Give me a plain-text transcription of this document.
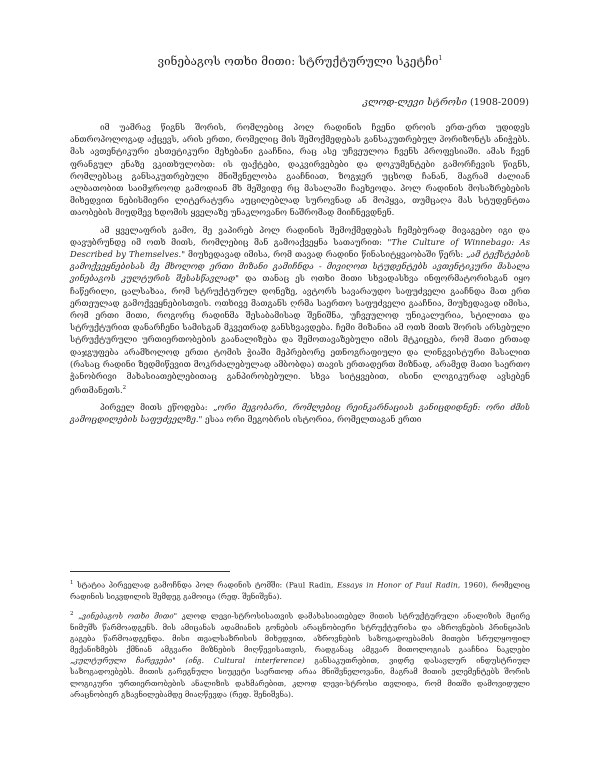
ვინებაგოს ოთხი მითი: სტრუქტურული სკეტჩი$^1$
კლოდ-ლევი სტროსი (1908-2009)

იმ უამრავ წიგნს შორის, რომლებიც პოლ რადინის ჩვენი დროის ერთ-ერთ უდიდეს ანთროპოლოგად აქცევს, არის ერთი, რომელიც მის შემოქმედებას განსაკუთრებულ ჰორიზონტს ანიჭებს. მას ავთენტიკური ესთეტიკური მეხებანი გააჩნია, რაც ასე უჩვეულოა ჩვენს პროფესიაში. ამას ჩვენ ფრანგულ ენაზე ვკითხულობთ: ის ფაქტები, დაკვირვებები და დოკუმენტები გამორჩევის წიგნს, რომლებსაც განსაკუთრებული მნიშვნელობა გააჩნიათ, ზოგჯერ უცხოდ ჩანან, მაგრამ ძალიან ალბათობით საიმჯროოდ გამოდიან მხ მეშვიდე რც მასალაში ჩაეხეოდა. პოლ რადინის მოსაზრებების მიხედვით ნებისმიერი ლიტერატურა აუცილებლად სუროვნად ან მოჰყვა, თუმცაღა მას სტუდენტთა თაობების მიუდმევ ხდომის ყველაზე უნაკლოვანო ნაშრომად მიიჩნევდნენ.

ამ ყველაფრის გამო, მე ვაპირებ პოლ რადინის შემოქმედებას ჩემებურად მივაგებო იგი და დავუბრუნდე იმ ოთხ მითს, რომლებიც მან გამოაქვეყნა სათაურით: "The Culture of Winnebago: As Described by Themselves." მიუხედავად იმისა, რომ თავად რადინი წინასიტყვაობაში წერს: „ამ ტექსტების გამოქვეყნებისას მე მხოლოდ ერთი მიზანი გამიჩნდა - მივიღოთ სტუდენტებს ავთენტიკური მასალა ვინებაგოს კულტურის შესასწავლად" და თანაც ეს ოთხი მითი სხვადასხვა ინფორმატორისგან იყო ჩაწერილი, ცალსახაა, რომ სტრუქტურულ დონეზე, ავტორს სავარაუდო საფუძველი გააჩნდა მათ ერთ ერთეულად გამოქვეყნებისთვის. ოთხივე მათგანს ღრმა საერთო საფუძველი გააჩნია, მიუხედავად იმისა, რომ ერთი მითი, როგორც რადინმა შესაბამისად შენიშნა, უჩვეულოდ უნიკალურია, სტილითა და სტრუქტურით დანარჩენი სამისგან მკვეთრად განსხვავდება. ჩემი მიზანია ამ ოთხ მითს შორის არსებული სტრუქტურული ურთიერთობების გაანალიზება და შემოთავაზებული იმის მტკიცება, რომ მათი ერთად დაჯგუფება არამხოლოდ ერთი ტომის ჭიაში მეპრებორე ეთნოგრაფიული და ლინგვისტური მასალით (რასაც რადინი ზედმიწევით მოკრძალებულად ამბობდა) თავის ერთადერთ მიზნად, არამედ მათი საერთო ჭანობრივი მახასიათებლებითაც განპირობებული. სხვა სიტყვებით, ისინი ლოგიკურად ავსებენ ერთმანეთს.$^2$

პირველ მითს ეწოდება: „ორი მეგობარი, რომლებიც რეინკარნაციას განიცდიდნენ: ორი ძმის გამოცდილების საფუძველზე." ესაა ორი მეგობრის ისტორია, რომელთაგან ერთი

$^1$ სტატია პირველად გამოჩნდა პოლ რადინის ტომში: (Paul Radin, Essays in Honor of Paul Radin, 1960), რომელიც რადინის სიკვდილის შემდეგ გამოიცა (რედ. შენიშვნა).

$^2$ „ვინებაგოს ოთხი მითი" კლოდ ლევი-სტროსისათვის დამახასიათებელ მითის სტრუქტურული ანალიზის მცირე ნიმუშს წარმოადგენს. მის ამიცანას ადამიანის გონების არაცნობიერი სტრუქტურისა და აზროვნების პრინციპის გაგება წარმოადგენდა. მისი თვალსაზრისის მიხედვით, აზროვნების საზოგადოებამის მითები სრულყოფილ მექანიზმებს ქმნიან ამგვარი მიზნების მიღწევისათვის, რადგანაც ამგვარ მითოლოგიას გააჩნია ნაკლები „კულტურული ჩარევები" (ინგ. Cultural interference) განსაკუთრებით, ვიდრე დასავლურ ინდუსტრიულ საზოგადოებებს. მითის გარეგნული სიუჟეტი საერთოდ არაა მნიშვნელოვანი, მაგრამ მითის ელემენტებს შორის ლოგიკური ურთიერთობების ანალიზის დახმარებით, კლოდ ლევი-სტროსი თვლიდა, რომ მითში დამოვიდული არაცნობიერ გზავნილებამდე მიაღწევდა (რედ. შენიშვნა).
